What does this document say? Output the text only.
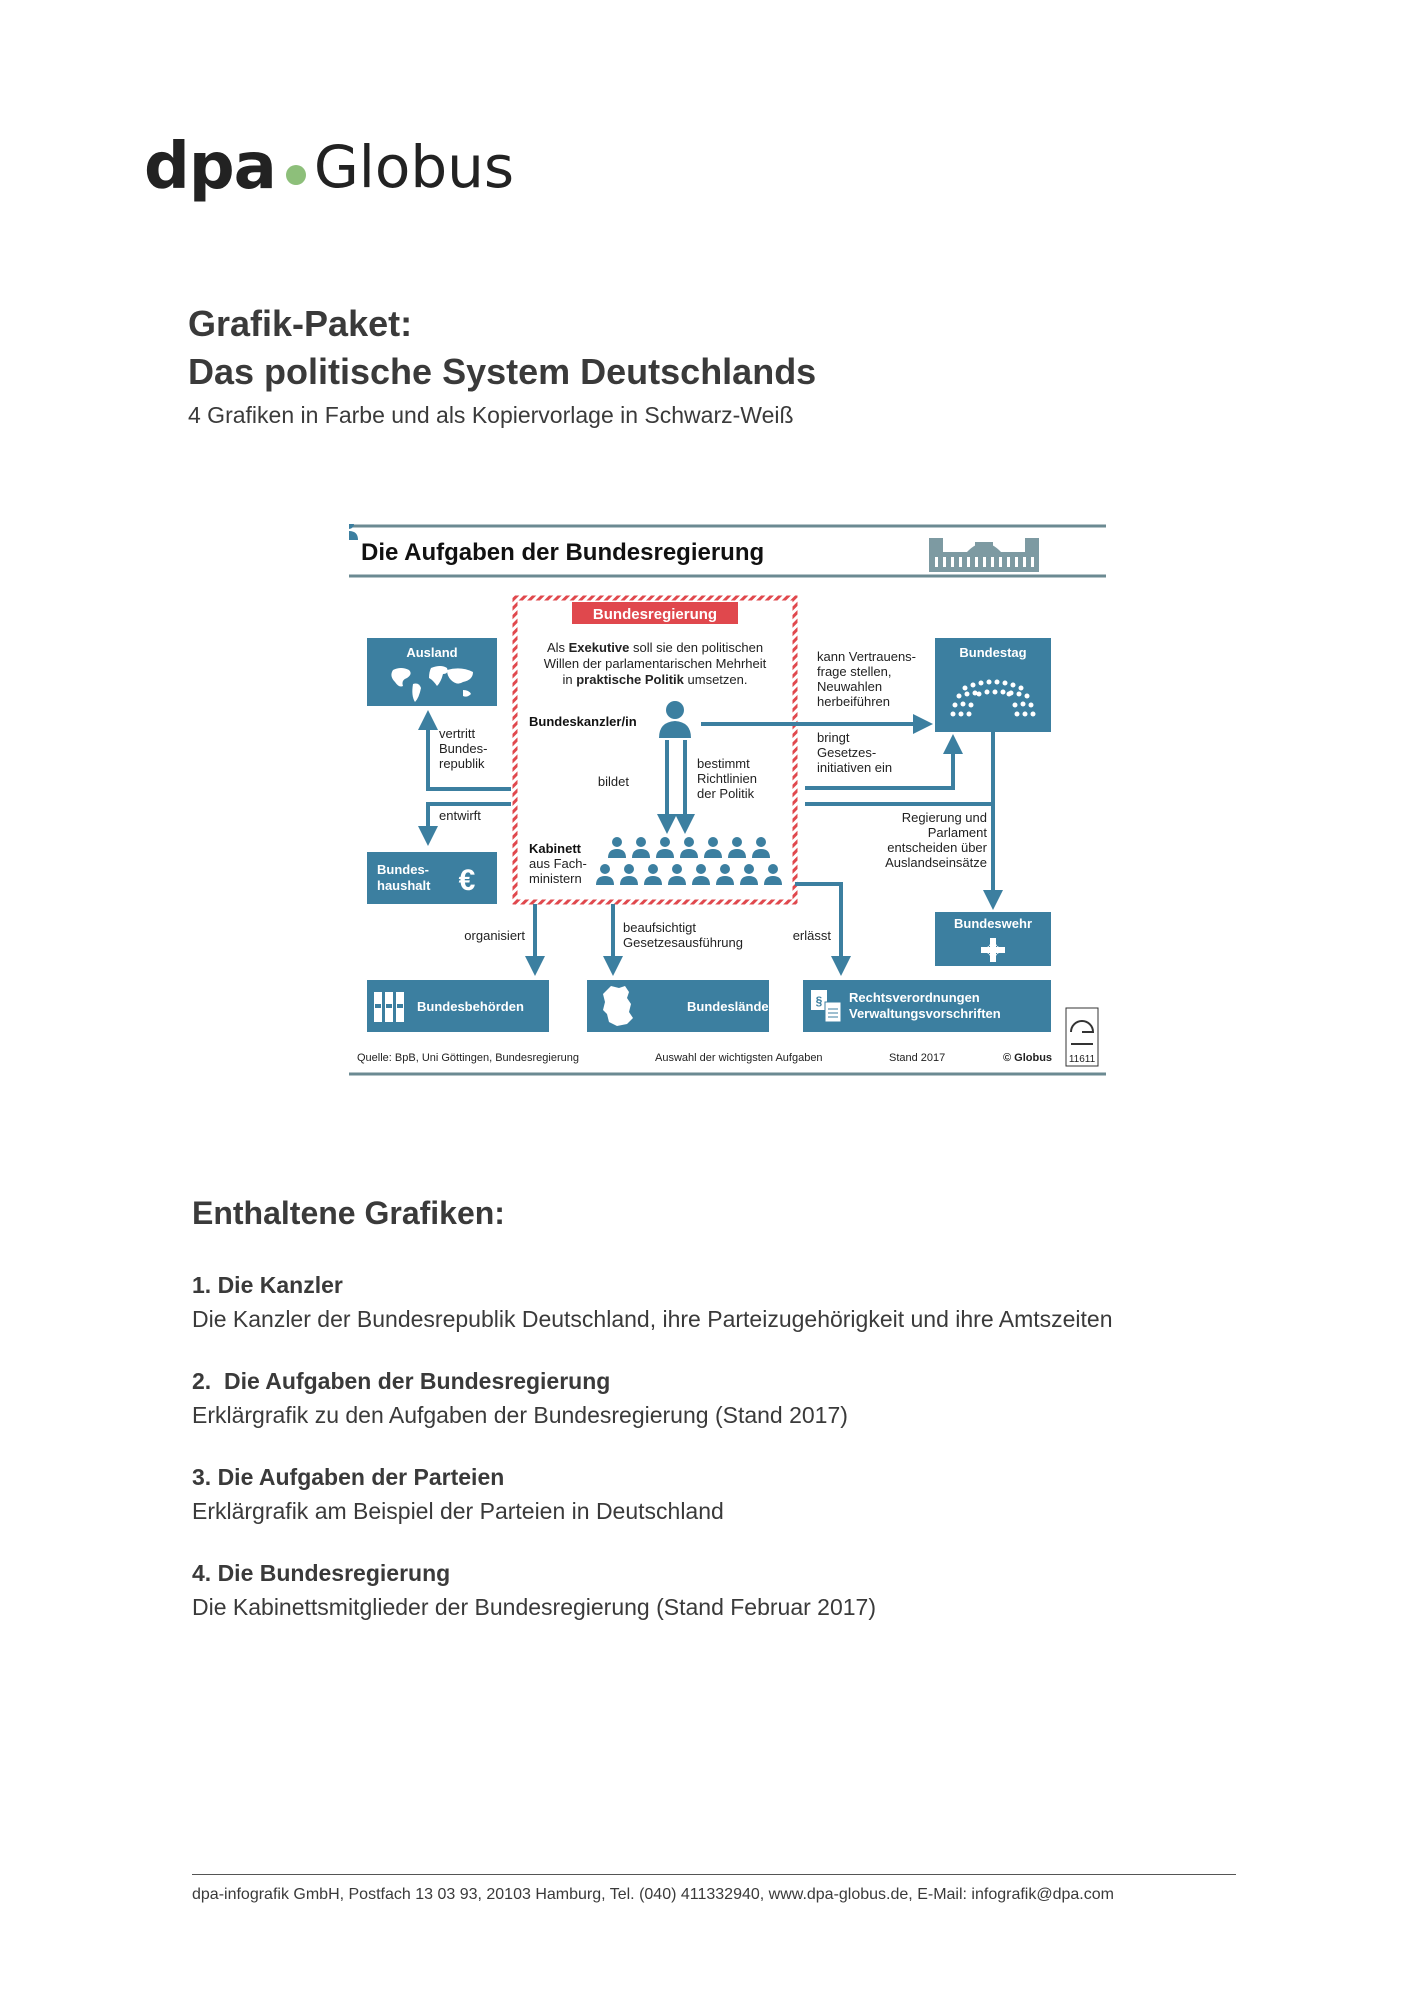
dpa Globus
Grafik-Paket:
Das politische System Deutschlands
4 Grafiken in Farbe und als Kopiervorlage in Schwarz-Weiß
Die Aufgaben der Bundesregierung
Bundesregierung
Als Exekutive soll sie den politischen
Willen der parlamentarischen Mehrheit
in praktische Politik umsetzen.
Bundeskanzler/in
bildet
bestimmt
Richtlinien
der Politik
Kabinett
aus Fach-
ministern
Ausland
vertritt
Bundes-
republik
entwirft
Bundes-
haushalt €
Bundestag
kann Vertrauens-
frage stellen,
Neuwahlen
herbeiführen
bringt
Gesetzes-
initiativen ein
Regierung und
Parlament
entscheiden über
Auslandseinsätze
Bundeswehr
organisiert
beaufsichtigt
Gesetzesausführung	erlässt
Bundesbehörden	Bundesländer	§ Rechtsverordnungen
Verwaltungsvorschriften
11611
Quelle: BpB, Uni Göttingen, Bundesregierung	Auswahl der wichtigsten Aufgaben	Stand 2017	© Globus
Enthaltene Grafiken:
1. Die Kanzler
Die Kanzler der Bundesrepublik Deutschland, ihre Parteizugehörigkeit und ihre Amtszeiten
2.  Die Aufgaben der Bundesregierung
Erklärgrafik zu den Aufgaben der Bundesregierung (Stand 2017)
3. Die Aufgaben der Parteien
Erklärgrafik am Beispiel der Parteien in Deutschland
4. Die Bundesregierung
Die Kabinettsmitglieder der Bundesregierung (Stand Februar 2017)
dpa-infografik GmbH, Postfach 13 03 93, 20103 Hamburg, Tel. (040) 411332940, www.dpa-globus.de, E-Mail: infografik@dpa.com
